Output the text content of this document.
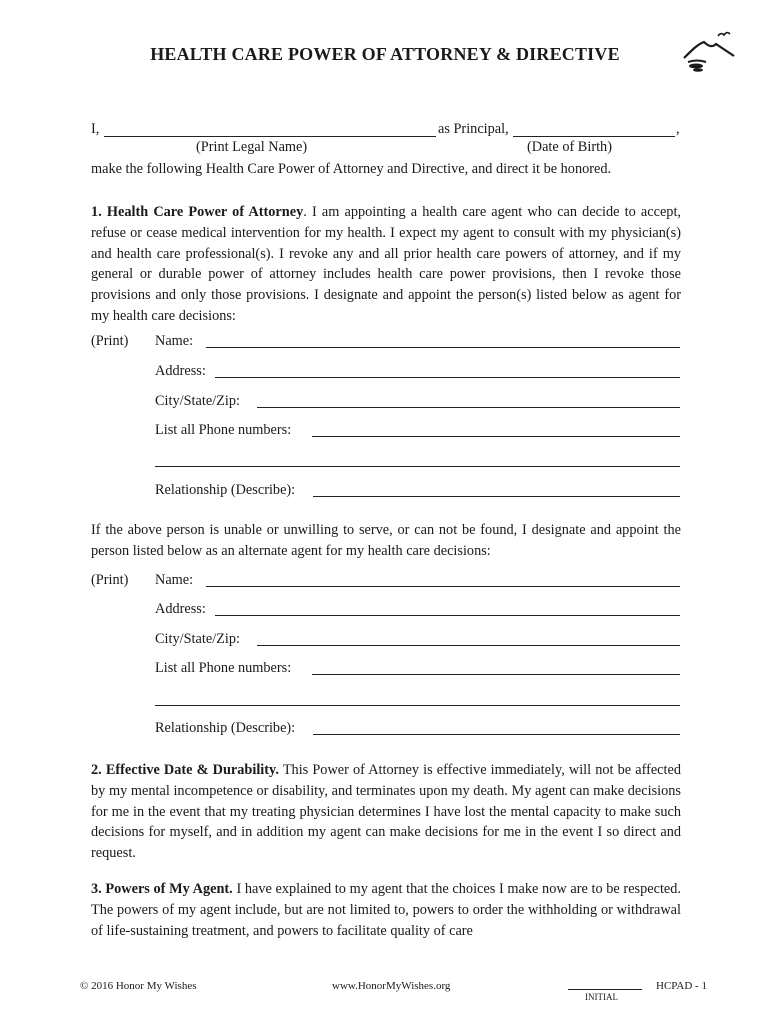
HEALTH CARE POWER OF ATTORNEY & DIRECTIVE
I,	as Principal,	,
(Print Legal Name)	(Date of Birth)
make the following Health Care Power of Attorney and Directive, and direct it be honored.
1. Health Care Power of Attorney. I am appointing a health care agent who can decide to accept, refuse or cease medical intervention for my health. I expect my agent to consult with my physician(s) and health care professional(s). I revoke any and all prior health care powers of attorney, and if my general or durable power of attorney includes health care power provisions, then I revoke those provisions and only those provisions. I designate and appoint the person(s) listed below as agent for my health care decisions:
(Print) Name:
Address:
City/State/Zip:
List all Phone numbers:
Relationship (Describe):
If the above person is unable or unwilling to serve, or can not be found, I designate and appoint the person listed below as an alternate agent for my health care decisions:
(Print) Name:
Address:
City/State/Zip:
List all Phone numbers:
Relationship (Describe):
2. Effective Date & Durability. This Power of Attorney is effective immediately, will not be affected by my mental incompetence or disability, and terminates upon my death. My agent can make decisions for me in the event that my treating physician determines I have lost the mental capacity to make such decisions for myself, and in addition my agent can make decisions for me in the event I so direct and request.
3. Powers of My Agent. I have explained to my agent that the choices I make now are to be respected. The powers of my agent include, but are not limited to, powers to order the withholding or withdrawal of life-sustaining treatment, and powers to facilitate quality of care
© 2016 Honor My Wishes	www.HonorMyWishes.org
INITIAL
HCPAD - 1
